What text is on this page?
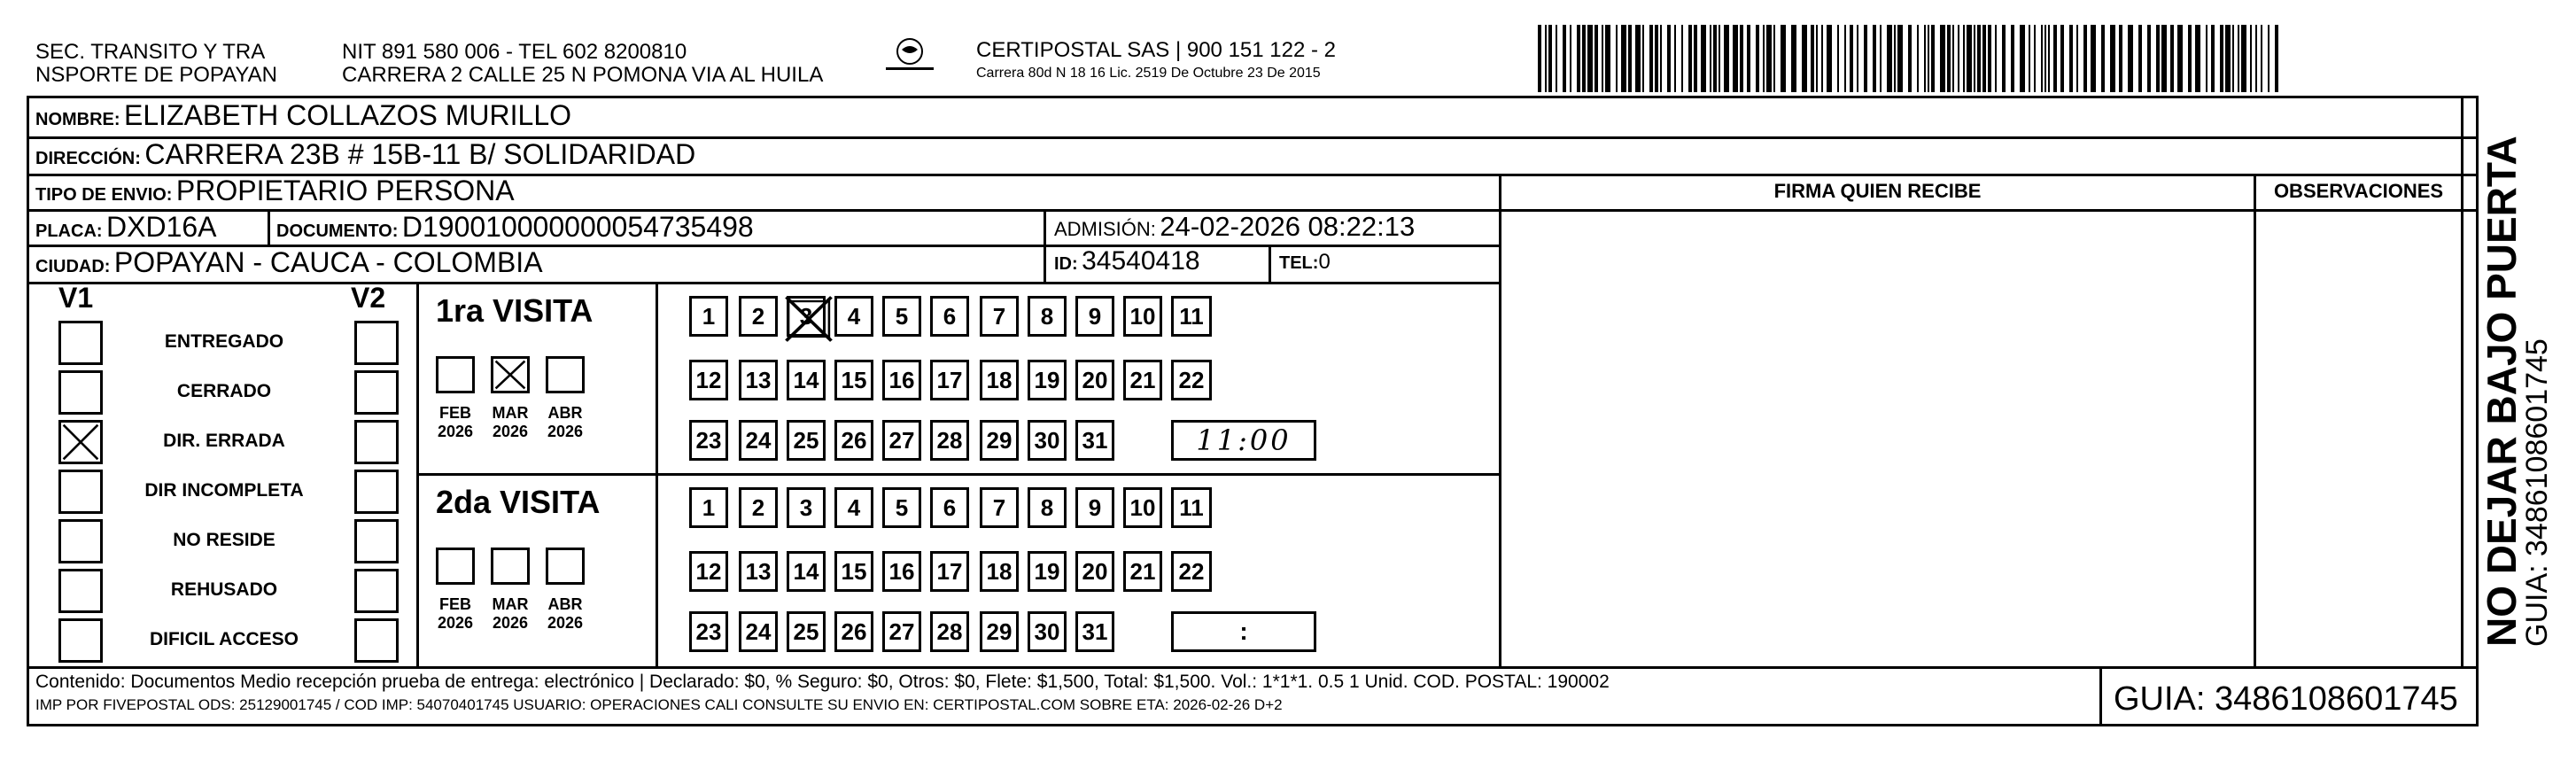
SEC. TRANSITO Y TRA
NSPORTE DE POPAYAN
NIT 891 580 006 - TEL 602 8200810
CARRERA 2 CALLE 25 N POMONA VIA AL HUILA
CERTIPOSTAL SAS | 900 151 122 - 2
Carrera 80d N 18 16 Lic. 2519 De Octubre 23 De 2015
NOMBRE: ELIZABETH COLLAZOS MURILLO
DIRECCIÓN: CARRERA 23B # 15B-11 B/ SOLIDARIDAD
TIPO DE ENVIO: PROPIETARIO PERSONA
PLACA: DXD16A	DOCUMENTO: D190010000000054735498	ADMISIÓN: 24-02-2026 08:22:13
CIUDAD: POPAYAN - CAUCA - COLOMBIA	ID: 34540418	TEL:0
FIRMA QUIEN RECIBE	OBSERVACIONES NO DEJAR BAJO PUERTA
GUIA: 3486108601745
V1	V2
ENTREGADO
CERRADO
DIR. ERRADA
DIR INCOMPLETA
NO RESIDE
REHUSADO
DIFICIL ACCESO
1ra VISITA
FEB
2026
MAR
2026
ABR
2026
1 2 3 4 5 6 7 8 9 10 11
12 13 14 15 16 17 18 19 20 21 22
23 24 25 26 27 28 29 30 31	11:00
2da VISITA
FEB
2026
MAR
2026
ABR
2026
1 2 3 4 5 6 7 8 9 10 11
12 13 14 15 16 17 18 19 20 21 22
23 24 25 26 27 28 29 30 31	:
Contenido: Documentos Medio recepción prueba de entrega: electrónico | Declarado: $0, % Seguro: $0, Otros: $0, Flete: $1,500, Total: $1,500. Vol.: 1*1*1. 0.5 1 Unid. COD. POSTAL: 190002
IMP POR FIVEPOSTAL ODS: 25129001745 / COD IMP: 54070401745 USUARIO: OPERACIONES CALI CONSULTE SU ENVIO EN: CERTIPOSTAL.COM SOBRE ETA: 2026-02-26 D+2	GUIA: 3486108601745
